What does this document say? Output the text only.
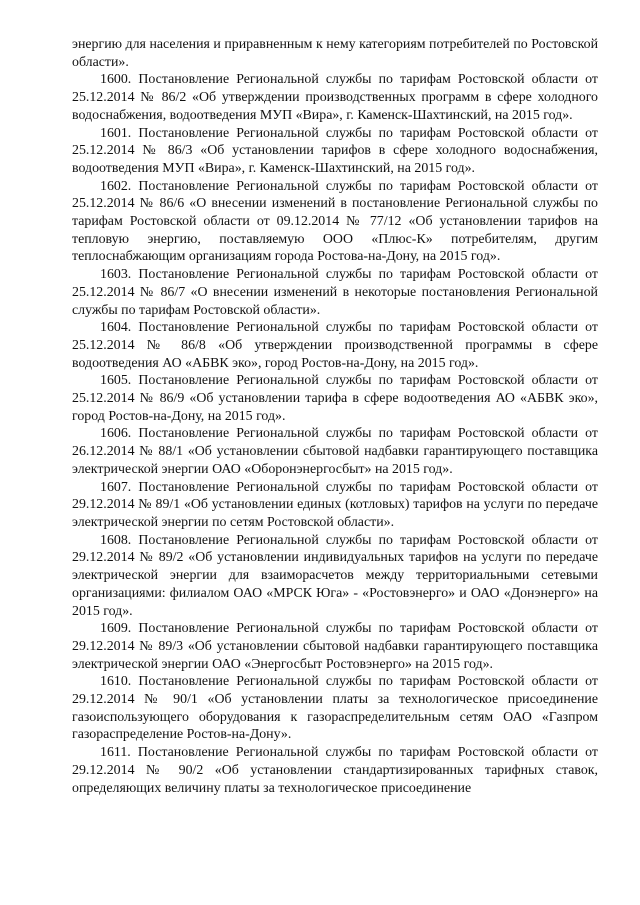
энергию для населения и приравненным к нему категориям потребителей по Ростовской области».

1600. Постановление Региональной службы по тарифам Ростовской области от 25.12.2014 № 86/2 «Об утверждении производственных программ в сфере холодного водоснабжения, водоотведения МУП «Вира», г. Каменск-Шахтинский, на 2015 год».

1601. Постановление Региональной службы по тарифам Ростовской области от 25.12.2014 № 86/3 «Об установлении тарифов в сфере холодного водоснабжения, водоотведения МУП «Вира», г. Каменск-Шахтинский, на 2015 год».

1602. Постановление Региональной службы по тарифам Ростовской области от 25.12.2014 № 86/6 «О внесении изменений в постановление Региональной службы по тарифам Ростовской области от 09.12.2014 № 77/12 «Об установлении тарифов на тепловую энергию, поставляемую ООО «Плюс-К» потребителям, другим теплоснабжающим организациям города Ростова-на-Дону, на 2015 год».

1603. Постановление Региональной службы по тарифам Ростовской области от 25.12.2014 № 86/7 «О внесении изменений в некоторые постановления Региональной службы по тарифам Ростовской области».

1604. Постановление Региональной службы по тарифам Ростовской области от 25.12.2014 № 86/8 «Об утверждении производственной программы в сфере водоотведения АО «АБВК эко», город Ростов-на-Дону, на 2015 год».

1605. Постановление Региональной службы по тарифам Ростовской области от 25.12.2014 № 86/9 «Об установлении тарифа в сфере водоотведения АО «АБВК эко», город Ростов-на-Дону, на 2015 год».

1606. Постановление Региональной службы по тарифам Ростовской области от 26.12.2014 № 88/1 «Об установлении сбытовой надбавки гарантирующего поставщика электрической энергии ОАО «Оборонэнергосбыт» на 2015 год».

1607. Постановление Региональной службы по тарифам Ростовской области от 29.12.2014 № 89/1 «Об установлении единых (котловых) тарифов на услуги по передаче электрической энергии по сетям Ростовской области».

1608. Постановление Региональной службы по тарифам Ростовской области от 29.12.2014 № 89/2 «Об установлении индивидуальных тарифов на услуги по передаче электрической энергии для взаиморасчетов между территориальными сетевыми организациями: филиалом ОАО «МРСК Юга» - «Ростовэнерго» и ОАО «Донэнерго» на 2015 год».

1609. Постановление Региональной службы по тарифам Ростовской области от 29.12.2014 № 89/3 «Об установлении сбытовой надбавки гарантирующего поставщика электрической энергии ОАО «Энергосбыт Ростовэнерго» на 2015 год».

1610. Постановление Региональной службы по тарифам Ростовской области от 29.12.2014 № 90/1 «Об установлении платы за технологическое присоединение газоиспользующего оборудования к газораспределительным сетям ОАО «Газпром газораспределение Ростов-на-Дону».

1611. Постановление Региональной службы по тарифам Ростовской области от 29.12.2014 № 90/2 «Об установлении стандартизированных тарифных ставок, определяющих величину платы за технологическое присоединение
